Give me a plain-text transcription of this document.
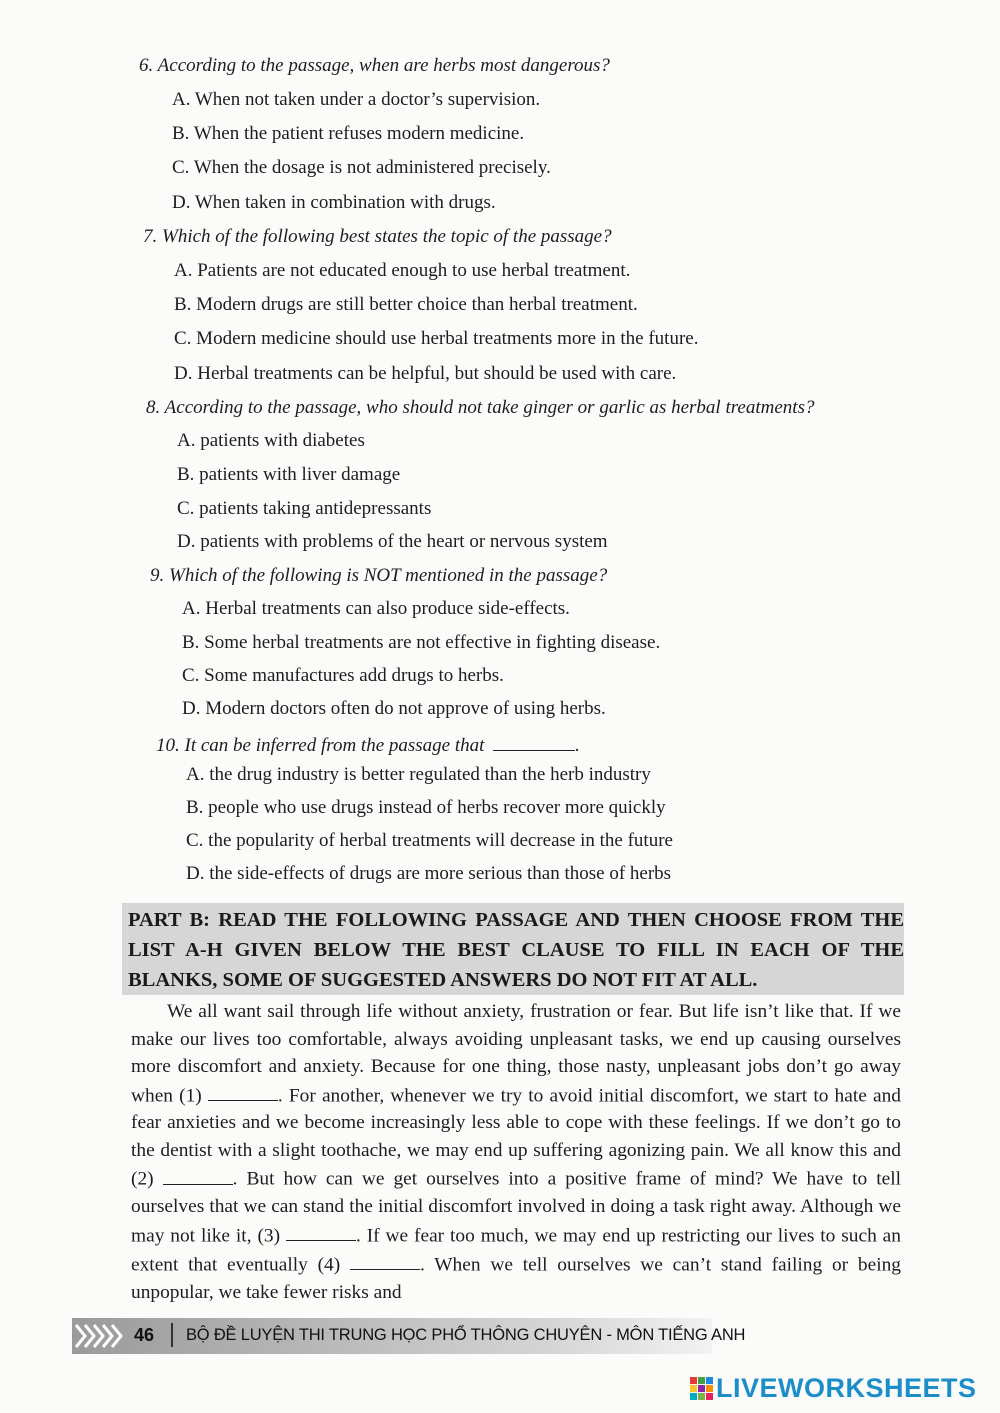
6. According to the passage, when are herbs most dangerous?
A. When not taken under a doctor’s supervision.
B. When the patient refuses modern medicine.
C. When the dosage is not administered precisely.
D. When taken in combination with drugs.
7. Which of the following best states the topic of the passage?
A. Patients are not educated enough to use herbal treatment.
B. Modern drugs are still better choice than herbal treatment.
C. Modern medicine should use herbal treatments more in the future.
D. Herbal treatments can be helpful, but should be used with care.
8. According to the passage, who should not take ginger or garlic as herbal treatments?
A. patients with diabetes
B. patients with liver damage
C. patients taking antidepressants
D. patients with problems of the heart or nervous system
9. Which of the following is NOT mentioned in the passage?
A. Herbal treatments can also produce side-effects.
B. Some herbal treatments are not effective in fighting disease.
C. Some manufactures add drugs to herbs.
D. Modern doctors often do not approve of using herbs.
10. It can be inferred from the passage that	.
A. the drug industry is better regulated than the herb industry
B. people who use drugs instead of herbs recover more quickly
C. the popularity of herbal treatments will decrease in the future
D. the side-effects of drugs are more serious than those of herbs
PART B: READ THE FOLLOWING PASSAGE AND THEN CHOOSE FROM THE LIST A-H GIVEN BELOW THE BEST CLAUSE TO FILL IN EACH OF THE BLANKS, SOME OF SUGGESTED ANSWERS DO NOT FIT AT ALL.

We all want sail through life without anxiety, frustration or fear. But life isn’t like that. If we make our lives too comfortable, always avoiding unpleasant tasks, we end up causing ourselves more discomfort and anxiety. Because for one thing, those nasty, unpleasant jobs don’t go away when (1)	. For another, whenever we try to avoid initial discomfort, we start to hate and fear anxieties and we become increasingly less able to cope with these feelings. If we don’t go to the dentist with a slight toothache, we may end up suffering agonizing pain. We all know this and (2)	. But how can we get ourselves into a positive frame of mind? We have to tell ourselves that we can stand the initial discomfort involved in doing a task right away. Although we may not like it, (3)	. If we fear too much, we may end up restricting our lives to such an extent that eventually (4)	. When we tell ourselves we can’t stand failing or being unpopular, we take fewer risks and

46 BỘ ĐỀ LUYỆN THI TRUNG HỌC PHỔ THÔNG CHUYÊN - MÔN TIẾNG ANH
LIVEWORKSHEETS
